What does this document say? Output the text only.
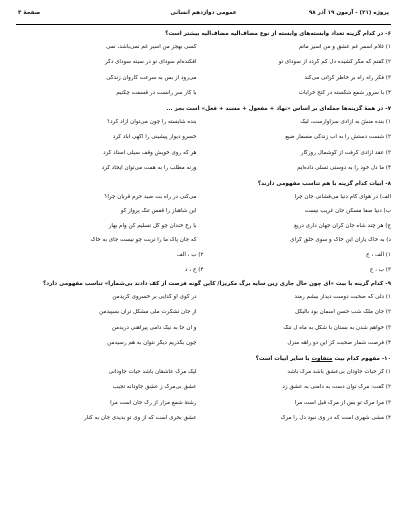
پروژه (۲۱) - آزمون ۱۹ آذر ۹۸
عمومی دوازدهم انسانی
صفحهٔ ۳
۶- در کدام گزینه تعداد وابسته‌های وابسته از نوع مضاف‌الیه مضاف‌الیه بیشتر است؟
۱) غلام آسمر غم عشق و من اسیر مأتم
کسی بهجز من اسیر غم نمی‌باشد، نمی
۲) گفتم که مگر کشیده دل کم گردد از سودای تو
افکنده‌ام سودای تو در سینه سودای دگر
۳) فکر راه راه بر خاطر گرانی می‌کند
می‌رود از بس به سرعت کاروان زندگی
۴) با سرور شمع شکسته در کنج خرابات
با کار سر رانست در قسمت چکنیم
۷- در همهٔ گزینه‌ها جمله‌ای بر اساس «نهاد + مفعول + مسند + فعل» است بجز ...
۱) بنده منشَ به آزادی سزاوارست، لیک
بنده شایسته را چون می‌توان آزاد کرد؟
۲) شست دستش را به آب زندگی مسمار ضیع
خسرو دیوار پیشینی را آگهی آباد کرد
۳) عقد آزادی گرفت از گوشمال روزگار
هر که روی خویش وقف سیلی استاد کرد
۴) ما دل خود را به دوستی تسلی داده‌ایم
ورنه مطلب را به همت می‌توان ایجاد کرد
۸- ابیات کدام گزینه با هم تناسب مفهومی دارند؟
الف) در هوای کام دنیا می‌فشانی جان چرا
می‌کنی در راه بت صید حرم قربان چرا؟
ب) دنیا صفا مسکن جان غریب نیست
این شاهباز را قفس تنگ پرواز کو
ج) هر چند شاه جان گران جهان داری دریغ
با رخ خندان چو گل تسلیم کن وام بهار
د) به خاک یاران این خاک و سوی خلق گرای
که جان پاک ما را تربت چو نیست جای به خاک
۱) الف ، ج
۲) ب ، الف
۳) ب ، ج
۴) ج ، د
۹- کدام گزینه با بیت «ای چون حال جاری زین سایه برگ مکریزا/ کاین گونه فرصت از کف دادند بی‌شمارا» تناسب مفهومی دارد؟
۱) دلی که صحبت دوست دیدار بیشم رمند
در کوی او گدایی بر خسروی گزیدمن
۲) جان ملک شب حسن آسمان بود بالیگل
از جان تشکرت ملی مشکل تران بسپیدمن
۳) خواهم شدن به بستان با شکل به ماه ل تنگ
و ان جا به نیک دامی پیراهنی دریدمن
۴) فرصت شمار صحبت کز این دو راهه منزل
چون بگذریم دیگر نتوان به هم رسیدمن
۱۰- مفهوم کدام بیت متفاوت با سایر ابیات است؟
۱) گر حیات جاودان بی‌عشق باشد مرگ باشد
لیک مرگ عاشقان باشد حیات جاودانی
۲) گفت: مرگ توان دست به دامنی به عشق زد
عشق بی‌مرگ ز عشق جاودانه تجیب
۳) مرا مرگ تو بس از مرگ قبل است مرا
رشتهٔ شمع مزار از رگ جان است مرا
۴) مشی شهری است که در وی نبود دل را مرگ
عشق بحری است که از وی تو بدیدی جان به کنار
